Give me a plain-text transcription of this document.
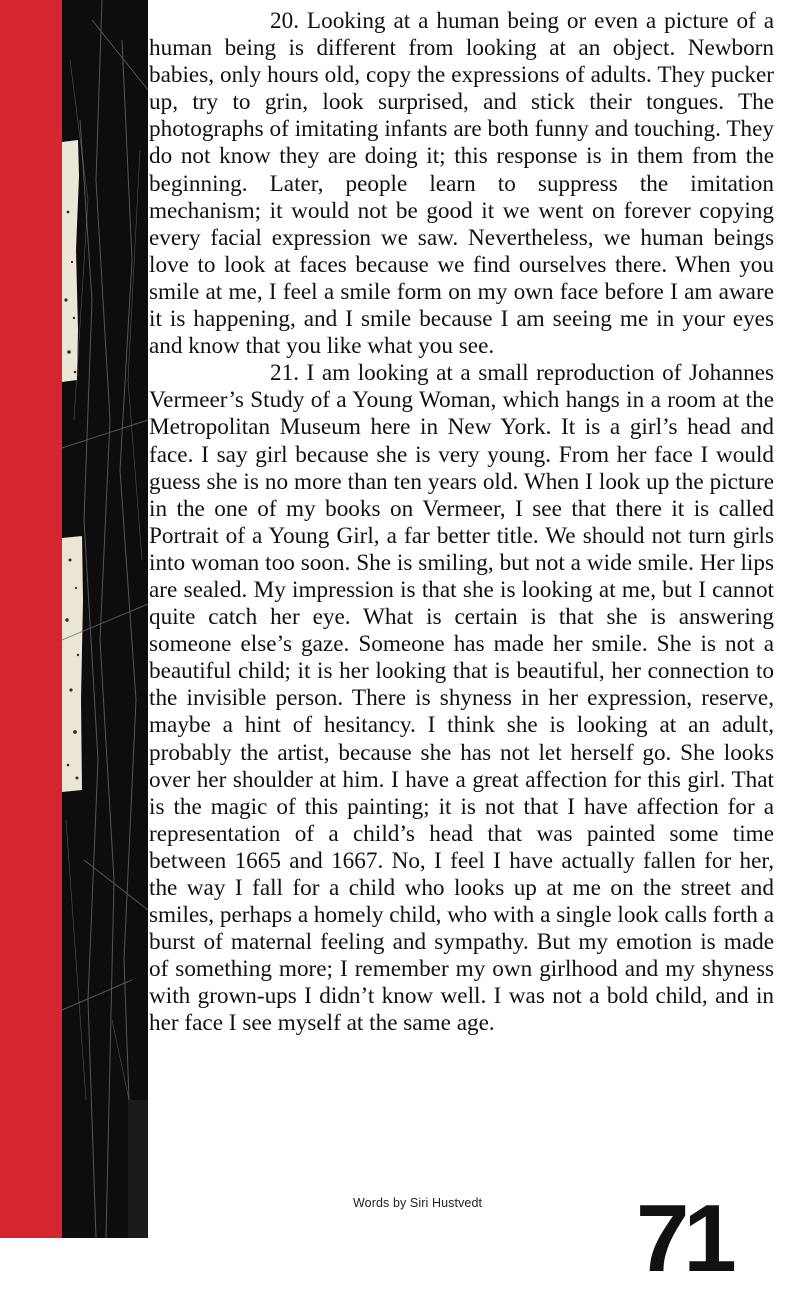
20. Looking at a human being or even a picture of a human being is different from looking at an object. Newborn babies, only hours old, copy the expressions of adults. They pucker up, try to grin, look surprised, and stick their tongues. The photographs of imitating infants are both funny and touching. They do not know they are doing it; this response is in them from the beginning. Later, people learn to suppress the imitation mechanism; it would not be good it we went on forever copying every facial expression we saw. Nevertheless, we human beings love to look at faces because we find ourselves there. When you smile at me, I feel a smile form on my own face before I am aware it is happening, and I smile because I am seeing me in your eyes and know that you like what you see.

21. I am looking at a small reproduction of Johannes Vermeer’s Study of a Young Woman, which hangs in a room at the Metropolitan Museum here in New York. It is a girl’s head and face. I say girl because she is very young. From her face I would guess she is no more than ten years old. When I look up the picture in the one of my books on Vermeer, I see that there it is called Portrait of a Young Girl, a far better title. We should not turn girls into woman too soon. She is smiling, but not a wide smile. Her lips are sealed. My impression is that she is looking at me, but I cannot quite catch her eye. What is certain is that she is answering someone else’s gaze. Someone has made her smile. She is not a beautiful child; it is her looking that is beautiful, her connection to the invisible person. There is shyness in her expression, reserve, maybe a hint of hesitancy. I think she is looking at an adult, probably the artist, because she has not let herself go. She looks over her shoulder at him. I have a great affection for this girl. That is the magic of this painting; it is not that I have affection for a representation of a child’s head that was painted some time between 1665 and 1667. No, I feel I have actually fallen for her, the way I fall for a child who looks up at me on the street and smiles, perhaps a homely child, who with a single look calls forth a burst of maternal feeling and sympathy. But my emotion is made of something more; I remember my own girlhood and my shyness with grown-ups I didn’t know well. I was not a bold child, and in her face I see myself at the same age.

Words by Siri Hustvedt 71
